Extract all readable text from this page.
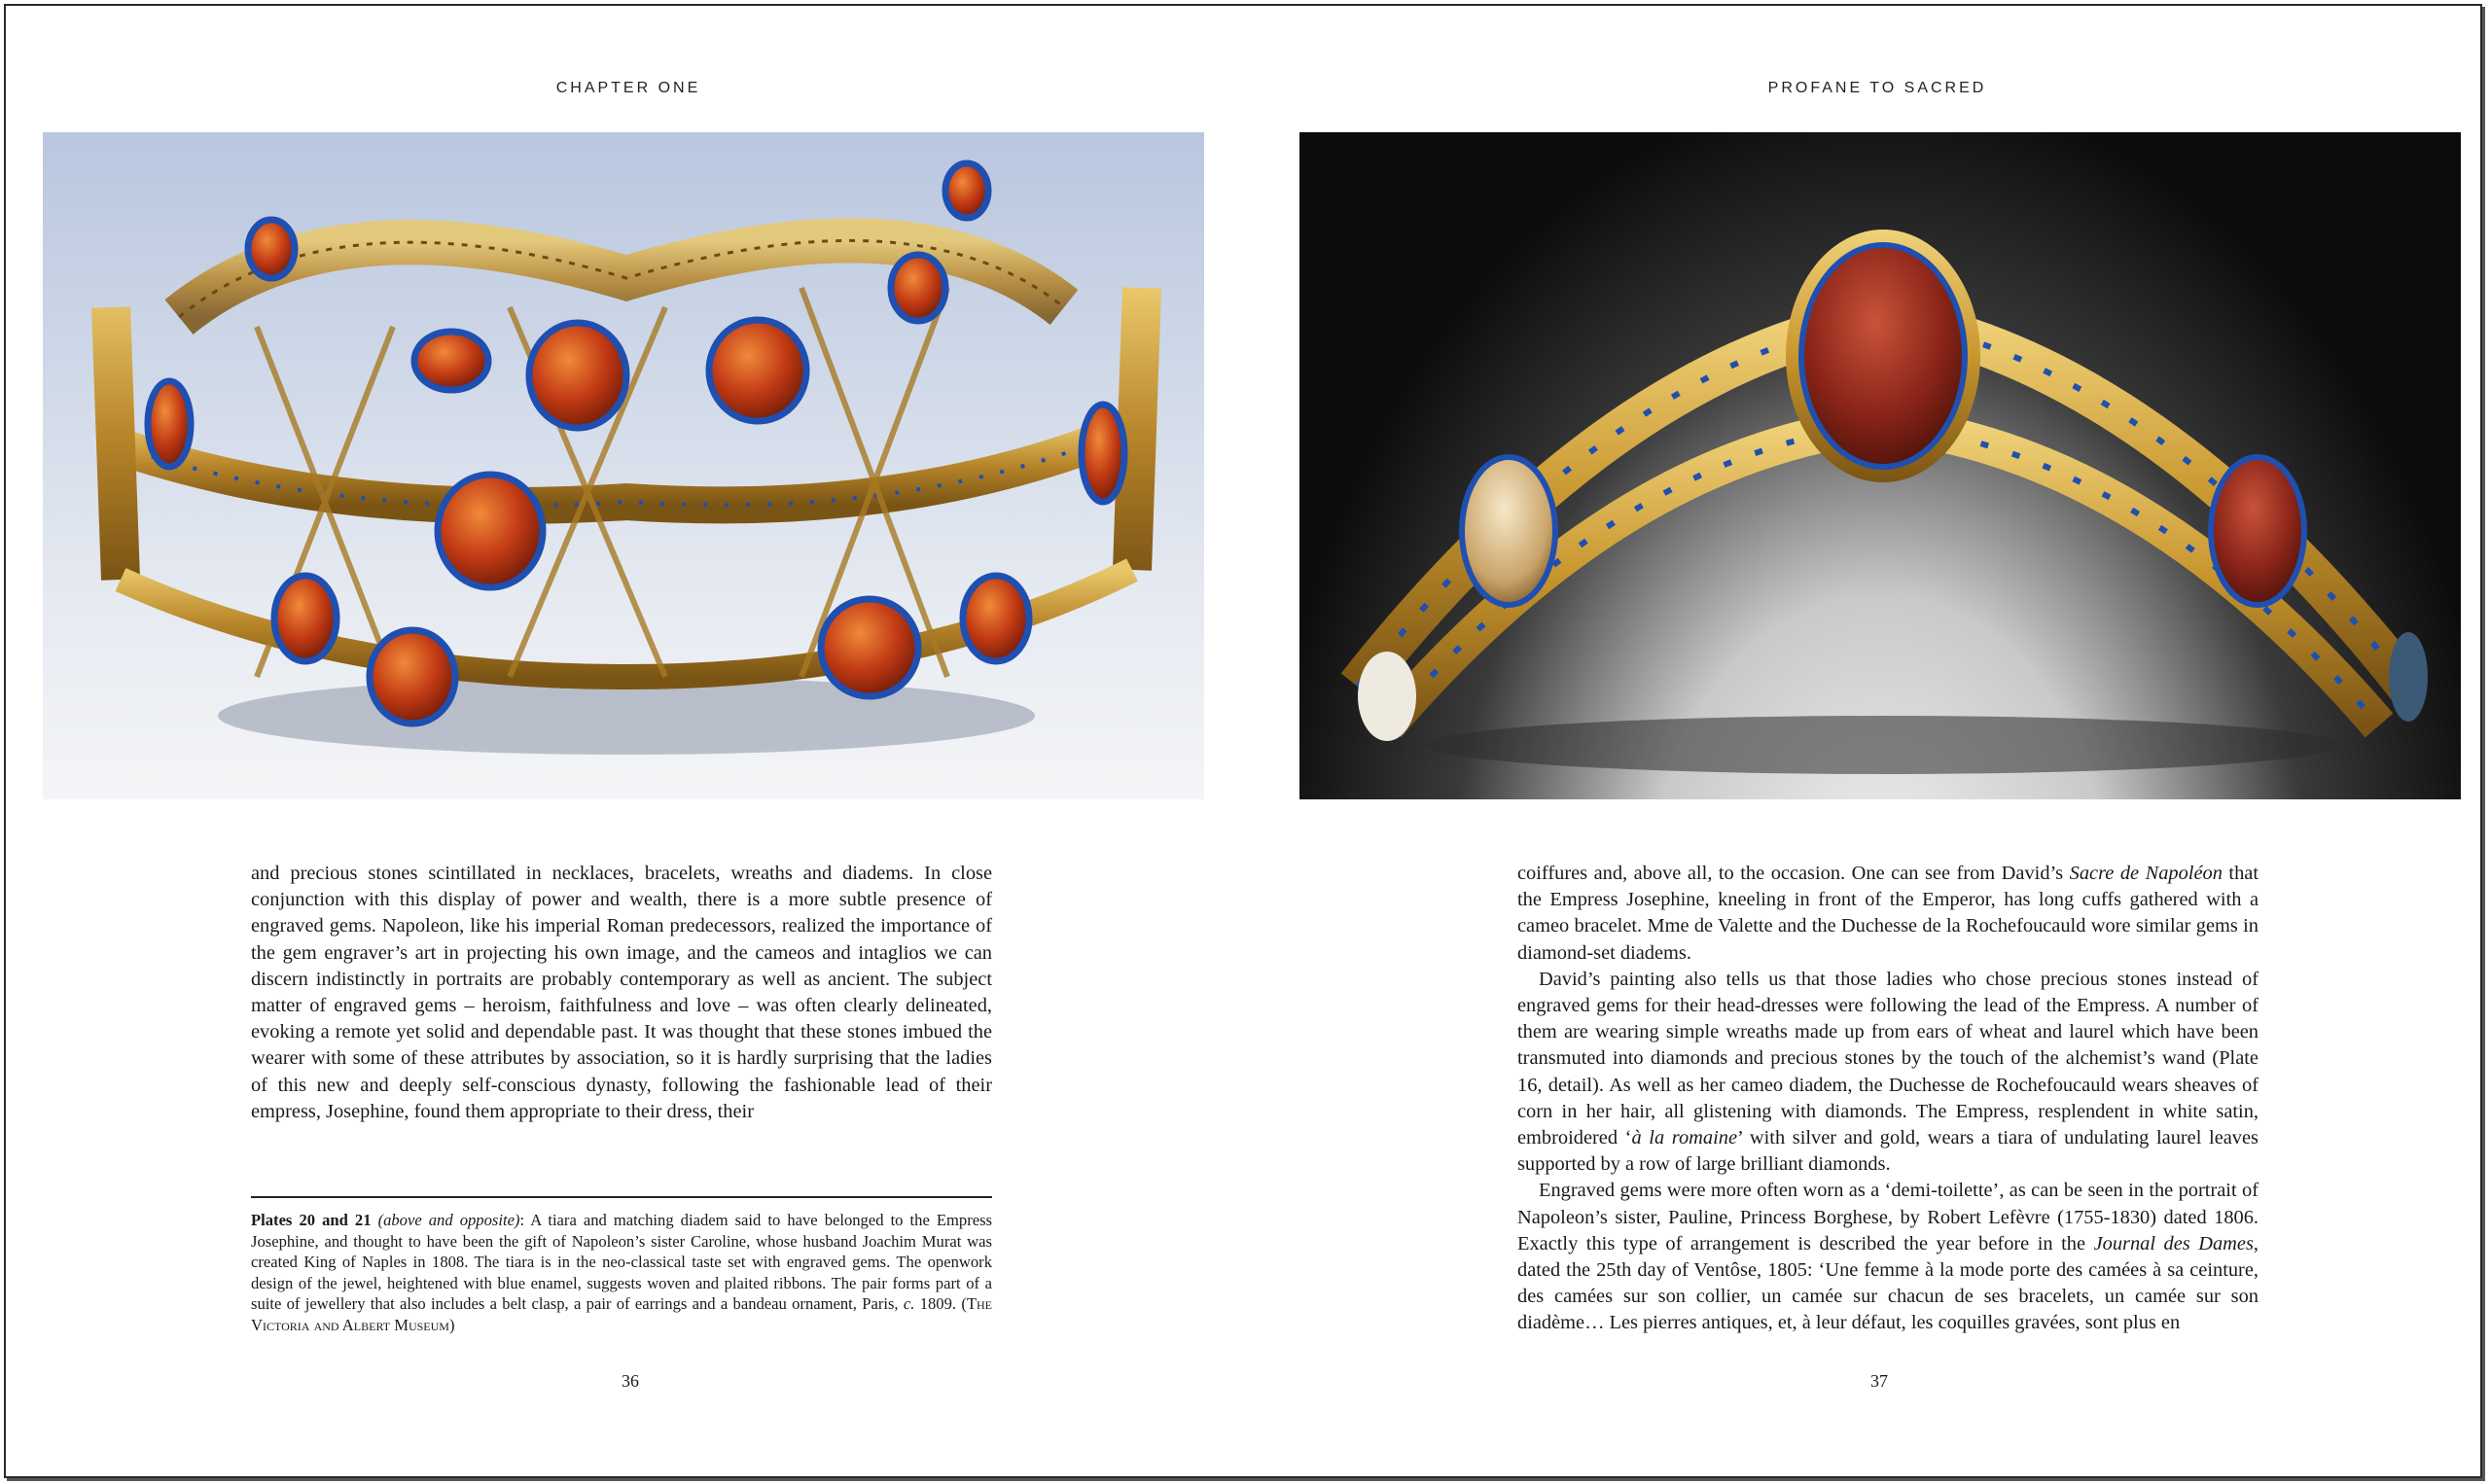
CHAPTER ONE

and precious stones scintillated in necklaces, bracelets, wreaths and diadems. In close conjunction with this display of power and wealth, there is a more subtle presence of engraved gems. Napoleon, like his imperial Roman predecessors, realized the importance of the gem engraver’s art in projecting his own image, and the cameos and intaglios we can discern indistinctly in portraits are probably contemporary as well as ancient. The subject matter of engraved gems – heroism, faithfulness and love – was often clearly delineated, evoking a remote yet solid and dependable past. It was thought that these stones imbued the wearer with some of these attributes by association, so it is hardly surprising that the ladies of this new and deeply self-conscious dynasty, following the fashionable lead of their empress, Josephine, found them appropriate to their dress, their

Plates 20 and 21 (above and opposite): A tiara and matching diadem said to have belonged to the Empress Josephine, and thought to have been the gift of Napoleon’s sister Caroline, whose husband Joachim Murat was created King of Naples in 1808. The tiara is in the neo-classical taste set with engraved gems. The openwork design of the jewel, heightened with blue enamel, suggests woven and plaited ribbons. The pair forms part of a suite of jewellery that also includes a belt clasp, a pair of earrings and a bandeau ornament, Paris, c. 1809. (The Victoria and Albert Museum)
36
PROFANE TO SACRED

coiffures and, above all, to the occasion. One can see from David’s Sacre de Napoléon that the Empress Josephine, kneeling in front of the Emperor, has long cuffs gathered with a cameo bracelet. Mme de Valette and the Duchesse de la Rochefoucauld wore similar gems in diamond-set diadems.

David’s painting also tells us that those ladies who chose precious stones instead of engraved gems for their head-dresses were following the lead of the Empress. A number of them are wearing simple wreaths made up from ears of wheat and laurel which have been transmuted into diamonds and precious stones by the touch of the alchemist’s wand (Plate 16, detail). As well as her cameo diadem, the Duchesse de Rochefoucauld wears sheaves of corn in her hair, all glistening with diamonds. The Empress, resplendent in white satin, embroidered ‘à la romaine’ with silver and gold, wears a tiara of undulating laurel leaves supported by a row of large brilliant diamonds.

Engraved gems were more often worn as a ‘demi-toilette’, as can be seen in the portrait of Napoleon’s sister, Pauline, Princess Borghese, by Robert Lefèvre (1755-1830) dated 1806. Exactly this type of arrangement is described the year before in the Journal des Dames, dated the 25th day of Ventôse, 1805: ‘Une femme à la mode porte des camées à sa ceinture, des camées sur son collier, un camée sur chacun de ses bracelets, un camée sur son diadème… Les pierres antiques, et, à leur défaut, les coquilles gravées, sont plus en

37
